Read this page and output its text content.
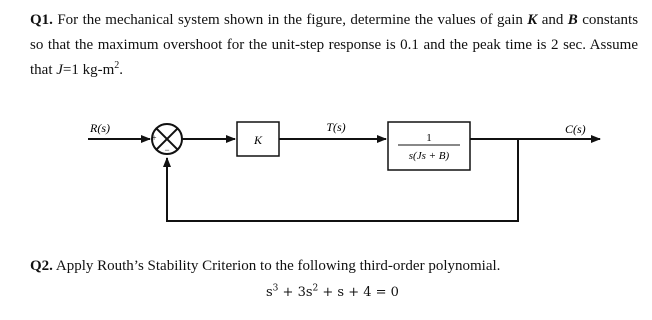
Q1. For the mechanical system shown in the figure, determine the values of gain K and B constants so that the maximum overshoot for the unit-step response is 0.1 and the peak time is 2 sec. Assume that J=1 $kg-m^2$.
R(s)
+
−
K
T(s)
1
s(Js + B)
C(s)
Q2. Apply Routh’s Stability Criterion to the following third-order polynomial.
$s^3 + 3s^2 + s + 4 = 0$
